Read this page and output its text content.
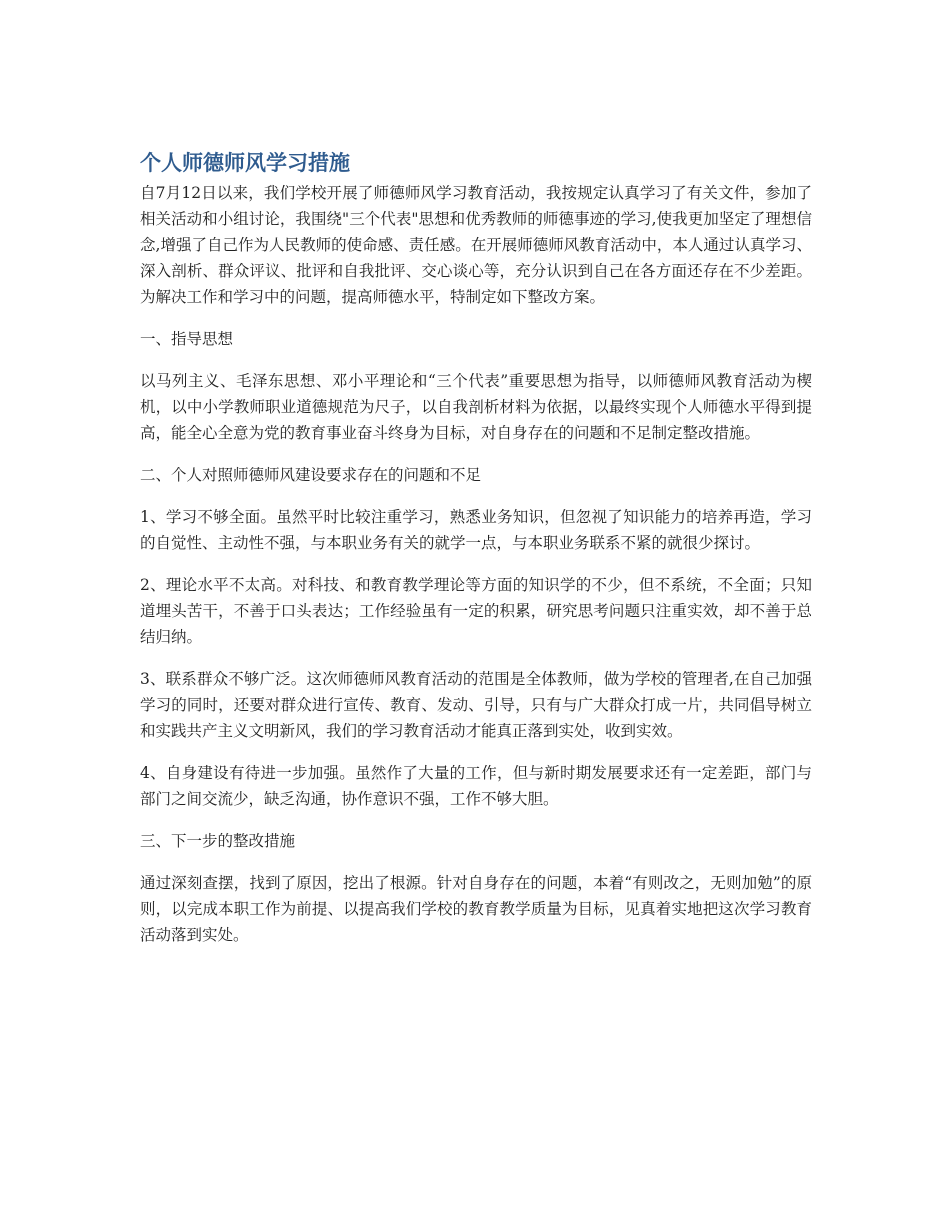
个人师德师风学习措施

自7月12日以来，我们学校开展了师德师风学习教育活动，我按规定认真学习了有关文件，参加了相关活动和小组讨论，我围绕"三个代表"思想和优秀教师的师德事迹的学习,使我更加坚定了理想信念,增强了自己作为人民教师的使命感、责任感。在开展师德师风教育活动中，本人通过认真学习、深入剖析、群众评议、批评和自我批评、交心谈心等，充分认识到自己在各方面还存在不少差距。为解决工作和学习中的问题，提高师德水平，特制定如下整改方案。

一、指导思想

以马列主义、毛泽东思想、邓小平理论和“三个代表”重要思想为指导，以师德师风教育活动为楔机，以中小学教师职业道德规范为尺子，以自我剖析材料为依据，以最终实现个人师德水平得到提高，能全心全意为党的教育事业奋斗终身为目标，对自身存在的问题和不足制定整改措施。

二、个人对照师德师风建设要求存在的问题和不足

1、学习不够全面。虽然平时比较注重学习，熟悉业务知识，但忽视了知识能力的培养再造，学习的自觉性、主动性不强，与本职业务有关的就学一点，与本职业务联系不紧的就很少探讨。

2、理论水平不太高。对科技、和教育教学理论等方面的知识学的不少，但不系统，不全面；只知道埋头苦干，不善于口头表达；工作经验虽有一定的积累，研究思考问题只注重实效，却不善于总结归纳。

3、联系群众不够广泛。这次师德师风教育活动的范围是全体教师，做为学校的管理者,在自己加强学习的同时，还要对群众进行宣传、教育、发动、引导，只有与广大群众打成一片，共同倡导树立和实践共产主义文明新风，我们的学习教育活动才能真正落到实处，收到实效。

4、自身建设有待进一步加强。虽然作了大量的工作，但与新时期发展要求还有一定差距，部门与部门之间交流少，缺乏沟通，协作意识不强，工作不够大胆。

三、下一步的整改措施

通过深刻查摆，找到了原因，挖出了根源。针对自身存在的问题，本着“有则改之，无则加勉”的原则，以完成本职工作为前提、以提高我们学校的教育教学质量为目标，见真着实地把这次学习教育活动落到实处。
